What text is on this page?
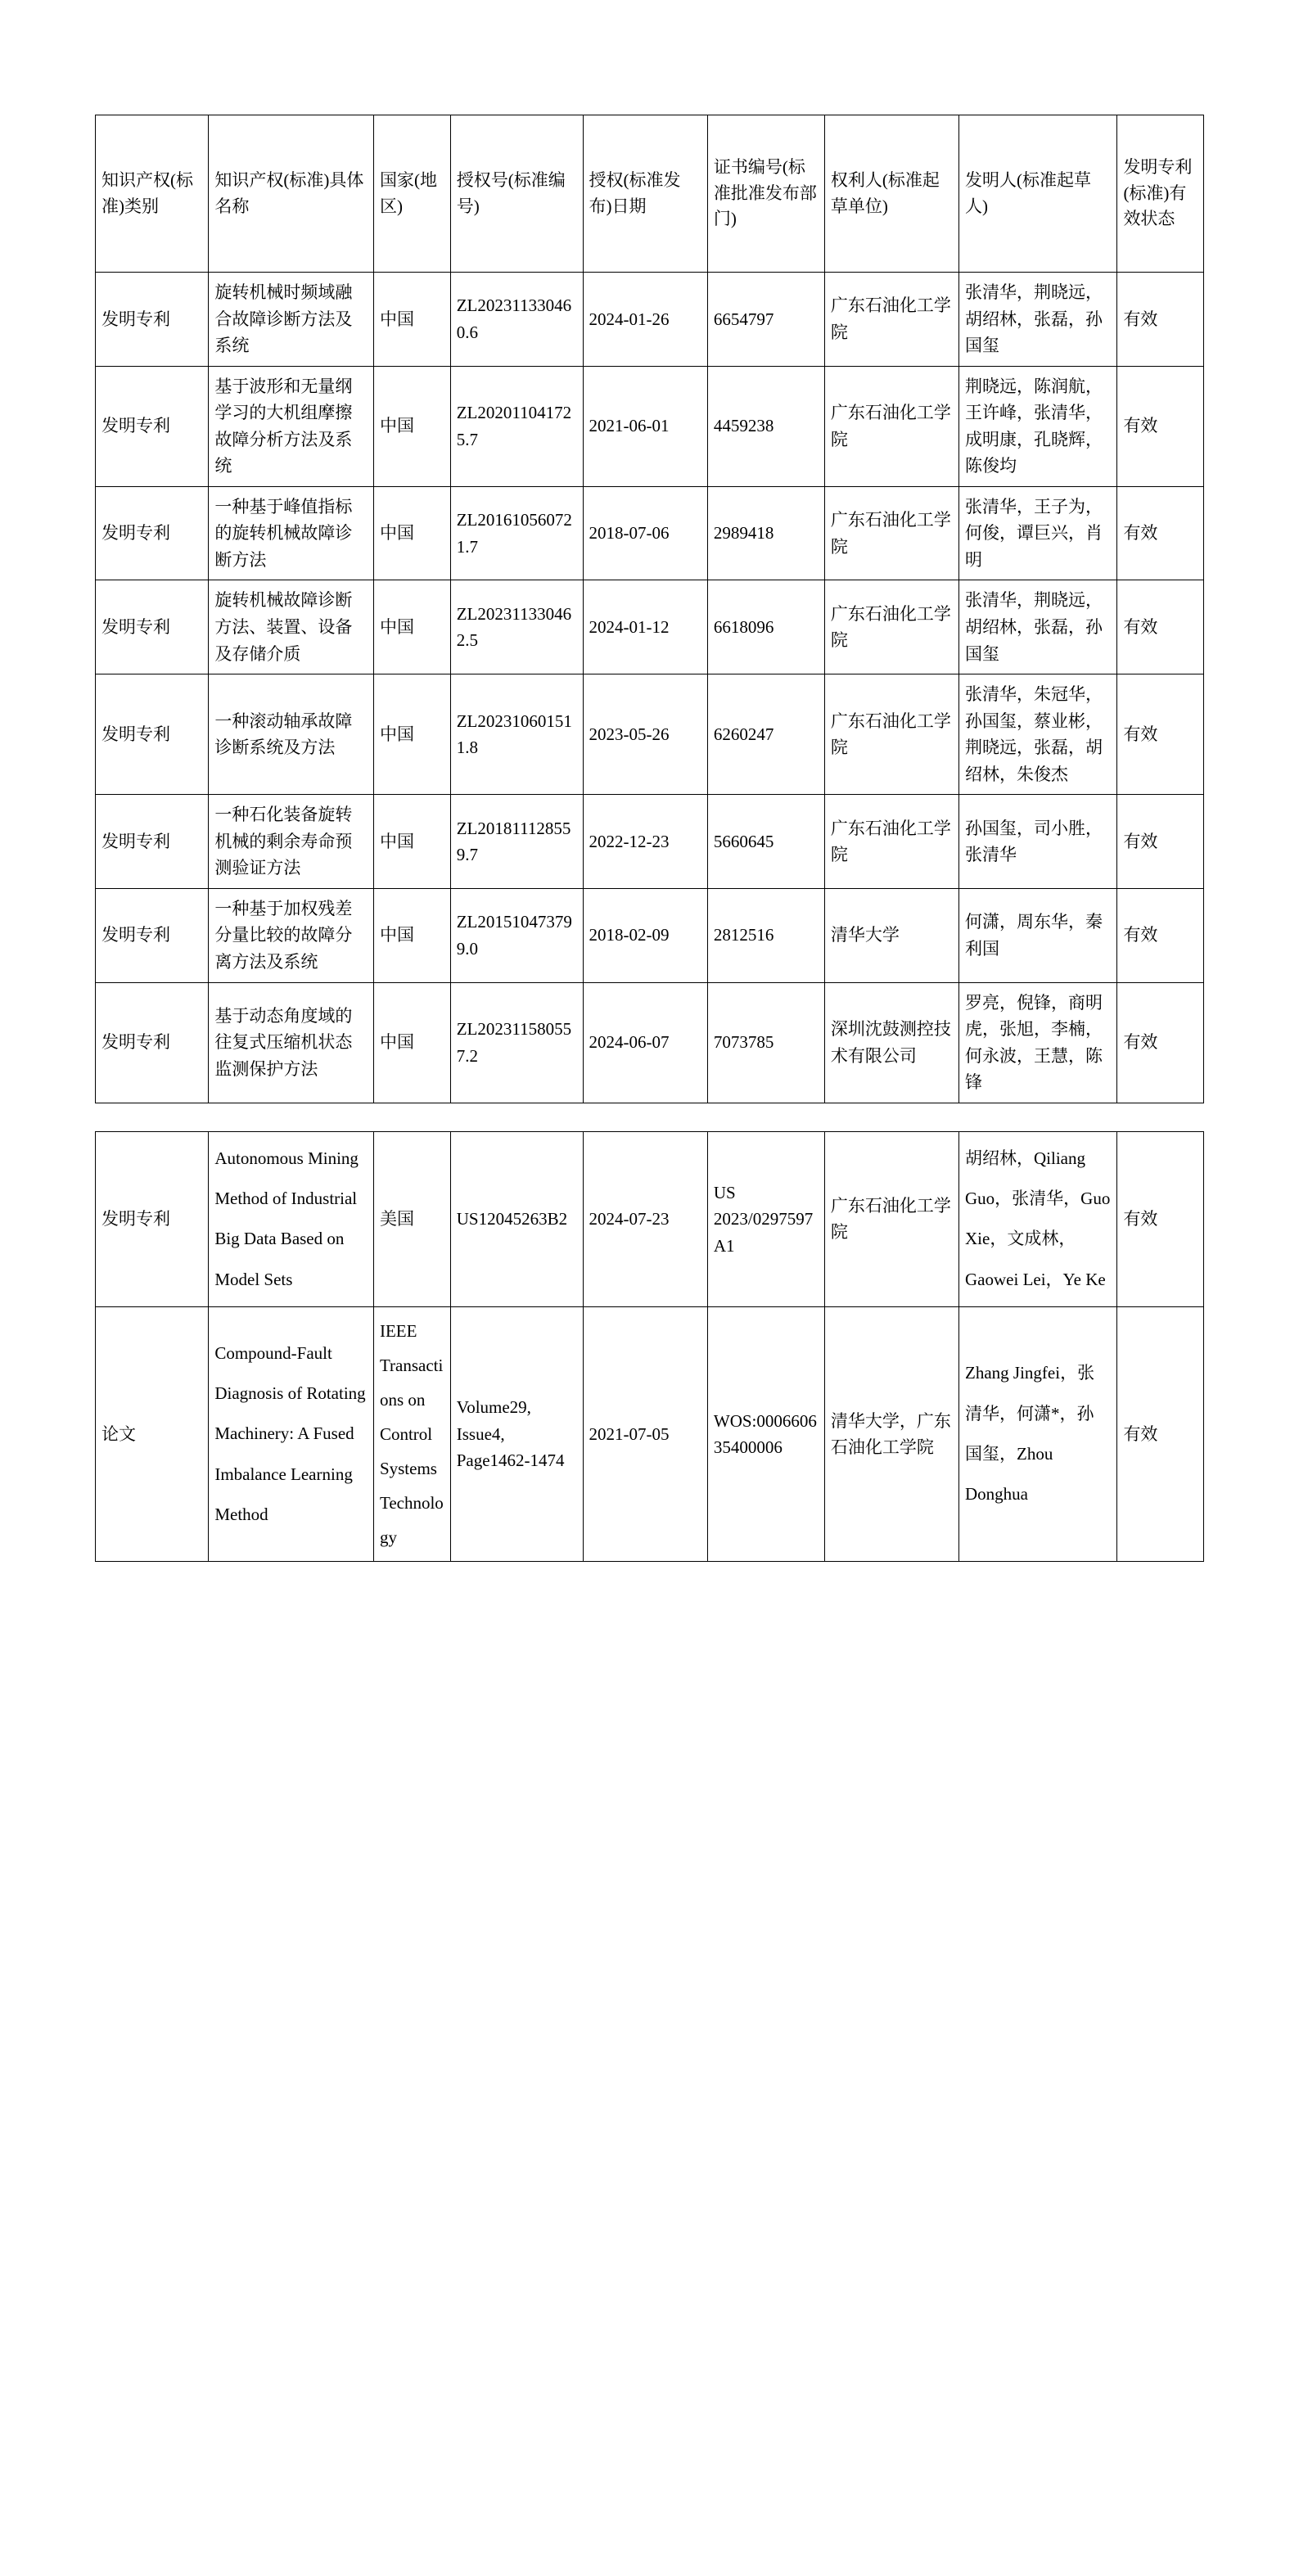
知识产权(标准)类别	知识产权(标准)具体名称	国家(地区)	授权号(标准编号)	授权(标准发布)日期	证书编号(标准批准发布部门)	权利人(标准起草单位)	发明人(标准起草人)	发明专利(标准)有效状态
发明专利	旋转机械时频域融合故障诊断方法及系统	中国	ZL202311330460.6	2024-01-26	6654797	广东石油化工学院	张清华，荆晓远，胡绍林，张磊，孙国玺	有效
发明专利	基于波形和无量纲学习的大机组摩擦故障分析方法及系统	中国	ZL202011041725.7	2021-06-01	4459238	广东石油化工学院	荆晓远，陈润航，王许峰，张清华，成明康，孔晓辉，陈俊均	有效
发明专利	一种基于峰值指标的旋转机械故障诊断方法	中国	ZL201610560721.7	2018-07-06	2989418	广东石油化工学院	张清华，王子为，何俊，谭巨兴，肖明	有效
发明专利	旋转机械故障诊断方法、装置、设备及存储介质	中国	ZL202311330462.5	2024-01-12	6618096	广东石油化工学院	张清华，荆晓远，胡绍林，张磊，孙国玺	有效
发明专利	一种滚动轴承故障诊断系统及方法	中国	ZL202310601511.8	2023-05-26	6260247	广东石油化工学院	张清华，朱冠华，孙国玺，蔡业彬，荆晓远，张磊，胡绍林，朱俊杰	有效
发明专利	一种石化装备旋转机械的剩余寿命预测验证方法	中国	ZL201811128559.7	2022-12-23	5660645	广东石油化工学院	孙国玺，司小胜，张清华	有效
发明专利	一种基于加权残差分量比较的故障分离方法及系统	中国	ZL201510473799.0	2018-02-09	2812516	清华大学	何潇，周东华，秦利国	有效
发明专利	基于动态角度域的往复式压缩机状态监测保护方法	中国	ZL202311580557.2	2024-06-07	7073785	深圳沈鼓测控技术有限公司	罗亮，倪锋，商明虎，张旭，李楠，何永波，王慧，陈锋	有效
发明专利	Autonomous Mining Method of Industrial Big Data Based on Model Sets	美国	US12045263B2	2024-07-23	US 2023/0297597 A1	广东石油化工学院	胡绍林，Qiliang Guo，张清华，Guo Xie，文成林，Gaowei Lei，Ye Ke	有效
论文	Compound-Fault Diagnosis of Rotating Machinery: A Fused Imbalance Learning Method	IEEE Transactions on Control Systems Technology	Volume29, Issue4, Page1462-1474	2021-07-05	WOS:000660635400006	清华大学，广东石油化工学院	Zhang Jingfei，张清华，何潇*，孙国玺，Zhou Donghua	有效
